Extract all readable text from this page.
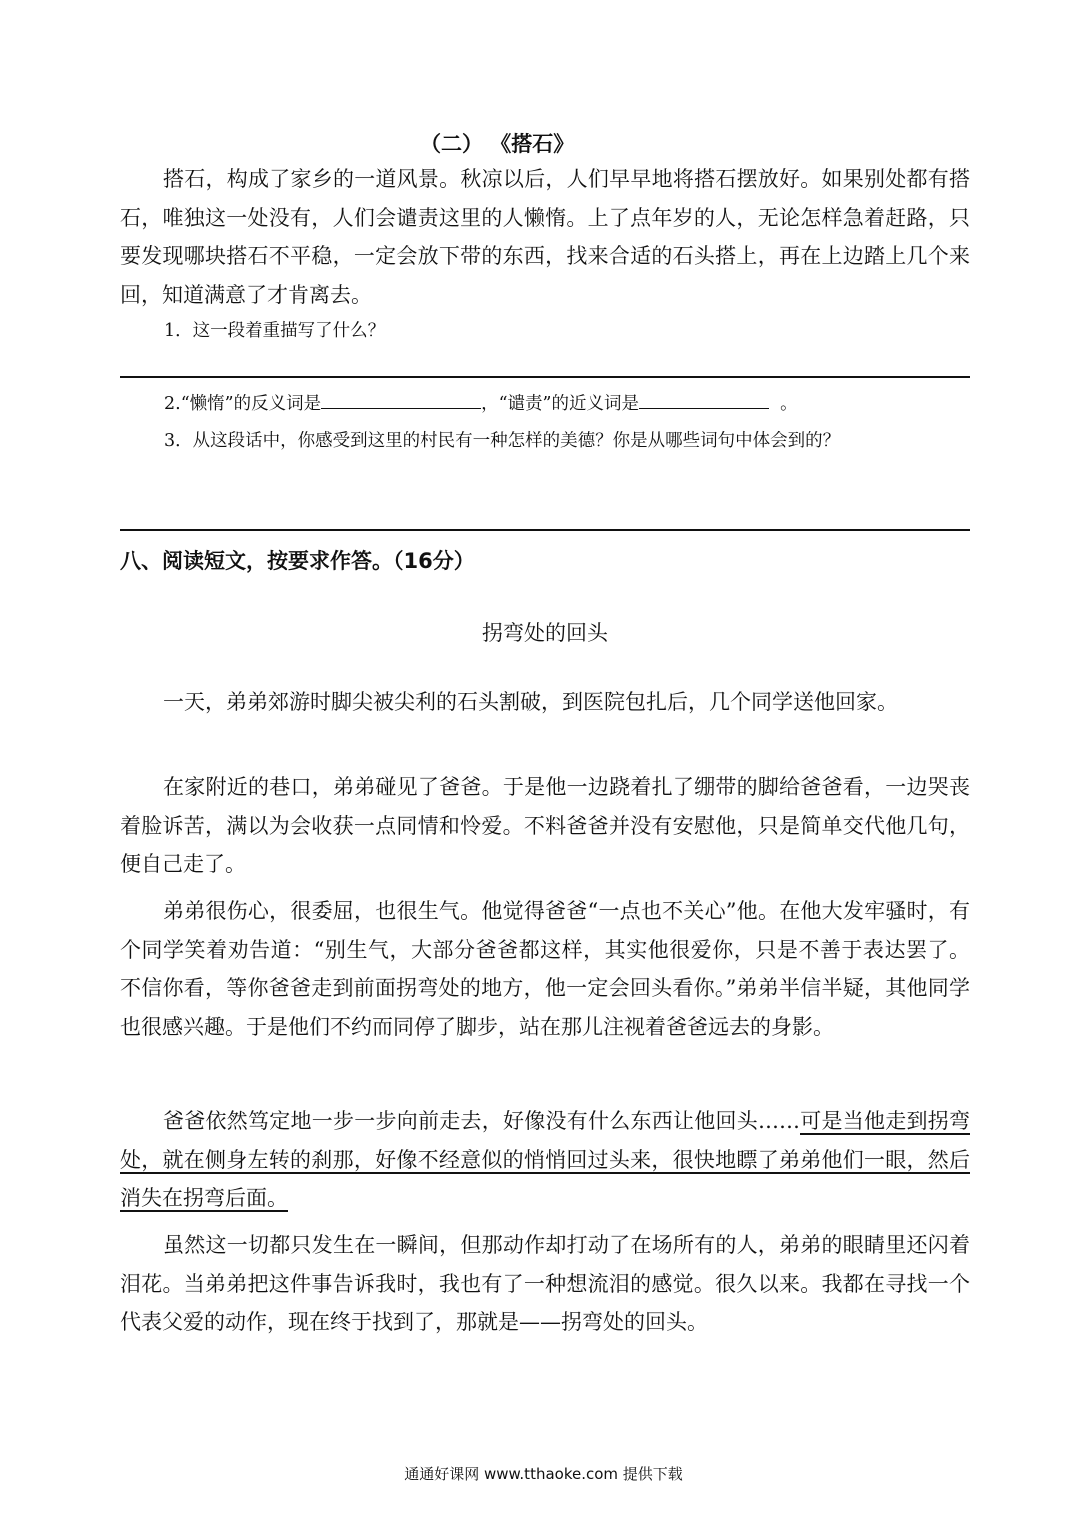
（二） 《搭石》
搭石，构成了家乡的一道风景。秋凉以后，人们早早地将搭石摆放好。如果别处都有搭石，唯独这一处没有，人们会谴责这里的人懒惰。上了点年岁的人，无论怎样急着赶路，只要发现哪块搭石不平稳，一定会放下带的东西，找来合适的石头搭上，再在上边踏上几个来回，知道满意了才肯离去。
1．这一段着重描写了什么？
2.“懒惰”的反义词是	，“谴责”的近义词是	。
3．从这段话中，你感受到这里的村民有一种怎样的美德？你是从哪些词句中体会到的？
八、阅读短文，按要求作答。（16分）
拐弯处的回头
一天，弟弟郊游时脚尖被尖利的石头割破，到医院包扎后，几个同学送他回家。
在家附近的巷口，弟弟碰见了爸爸。于是他一边跷着扎了绷带的脚给爸爸看，一边哭丧着脸诉苦，满以为会收获一点同情和怜爱。不料爸爸并没有安慰他，只是简单交代他几句，便自己走了。
弟弟很伤心，很委屈，也很生气。他觉得爸爸“一点也不关心”他。在他大发牢骚时，有个同学笑着劝告道：“别生气，大部分爸爸都这样，其实他很爱你，只是不善于表达罢了。不信你看，等你爸爸走到前面拐弯处的地方，他一定会回头看你。”弟弟半信半疑，其他同学也很感兴趣。于是他们不约而同停了脚步，站在那儿注视着爸爸远去的身影。
爸爸依然笃定地一步一步向前走去，好像没有什么东西让他回头……可是当他走到拐弯处，就在侧身左转的刹那，好像不经意似的悄悄回过头来，很快地瞟了弟弟他们一眼，然后消失在拐弯后面。
虽然这一切都只发生在一瞬间，但那动作却打动了在场所有的人，弟弟的眼睛里还闪着泪花。当弟弟把这件事告诉我时，我也有了一种想流泪的感觉。很久以来。我都在寻找一个代表父爱的动作，现在终于找到了，那就是——拐弯处的回头。
通通好课网 www.tthaoke.com 提供下载
